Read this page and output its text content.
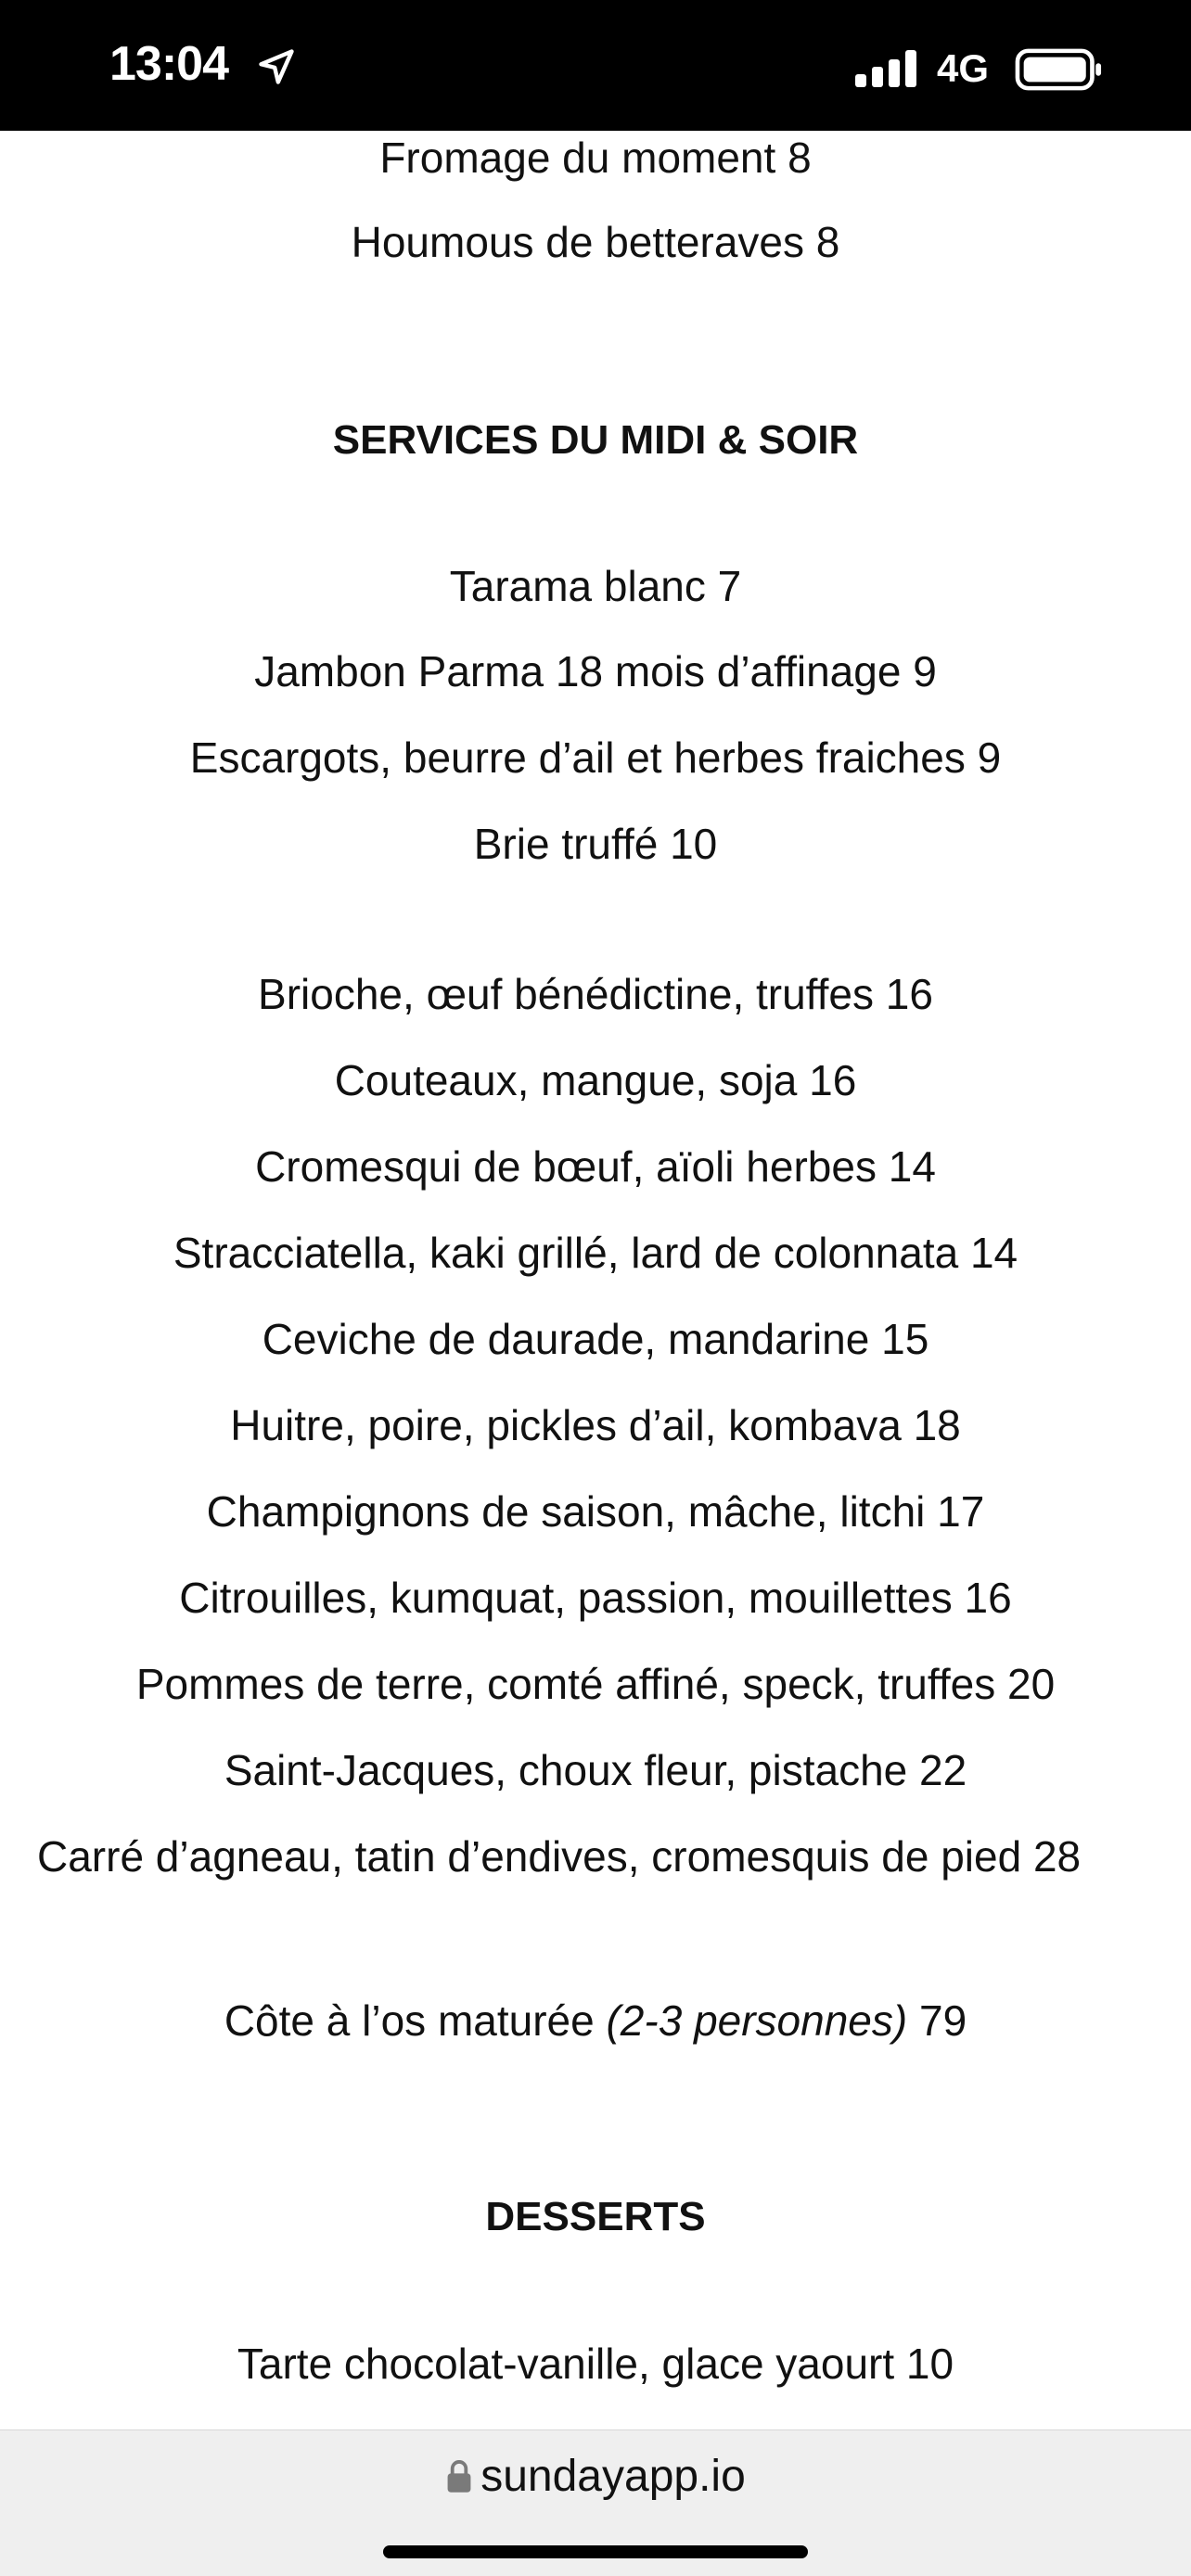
13:04	4G
Fromage du moment 8
Houmous de betteraves 8
SERVICES DU MIDI & SOIR
Tarama blanc 7
Jambon Parma 18 mois d’affinage 9
Escargots, beurre d’ail et herbes fraiches 9
Brie truffé 10
Brioche, œuf bénédictine, truffes 16
Couteaux, mangue, soja 16
Cromesqui de bœuf, aïoli herbes 14
Stracciatella, kaki grillé, lard de colonnata 14
Ceviche de daurade, mandarine 15
Huitre, poire, pickles d’ail, kombava 18
Champignons de saison, mâche, litchi 17
Citrouilles, kumquat, passion, mouillettes 16
Pommes de terre, comté affiné, speck, truffes 20
Saint-Jacques, choux fleur, pistache 22
Carré d’agneau, tatin d’endives, cromesquis de pied 28
Côte à l’os maturée (2-3 personnes) 79
DESSERTS
Tarte chocolat-vanille, glace yaourt 10
sundayapp.io
